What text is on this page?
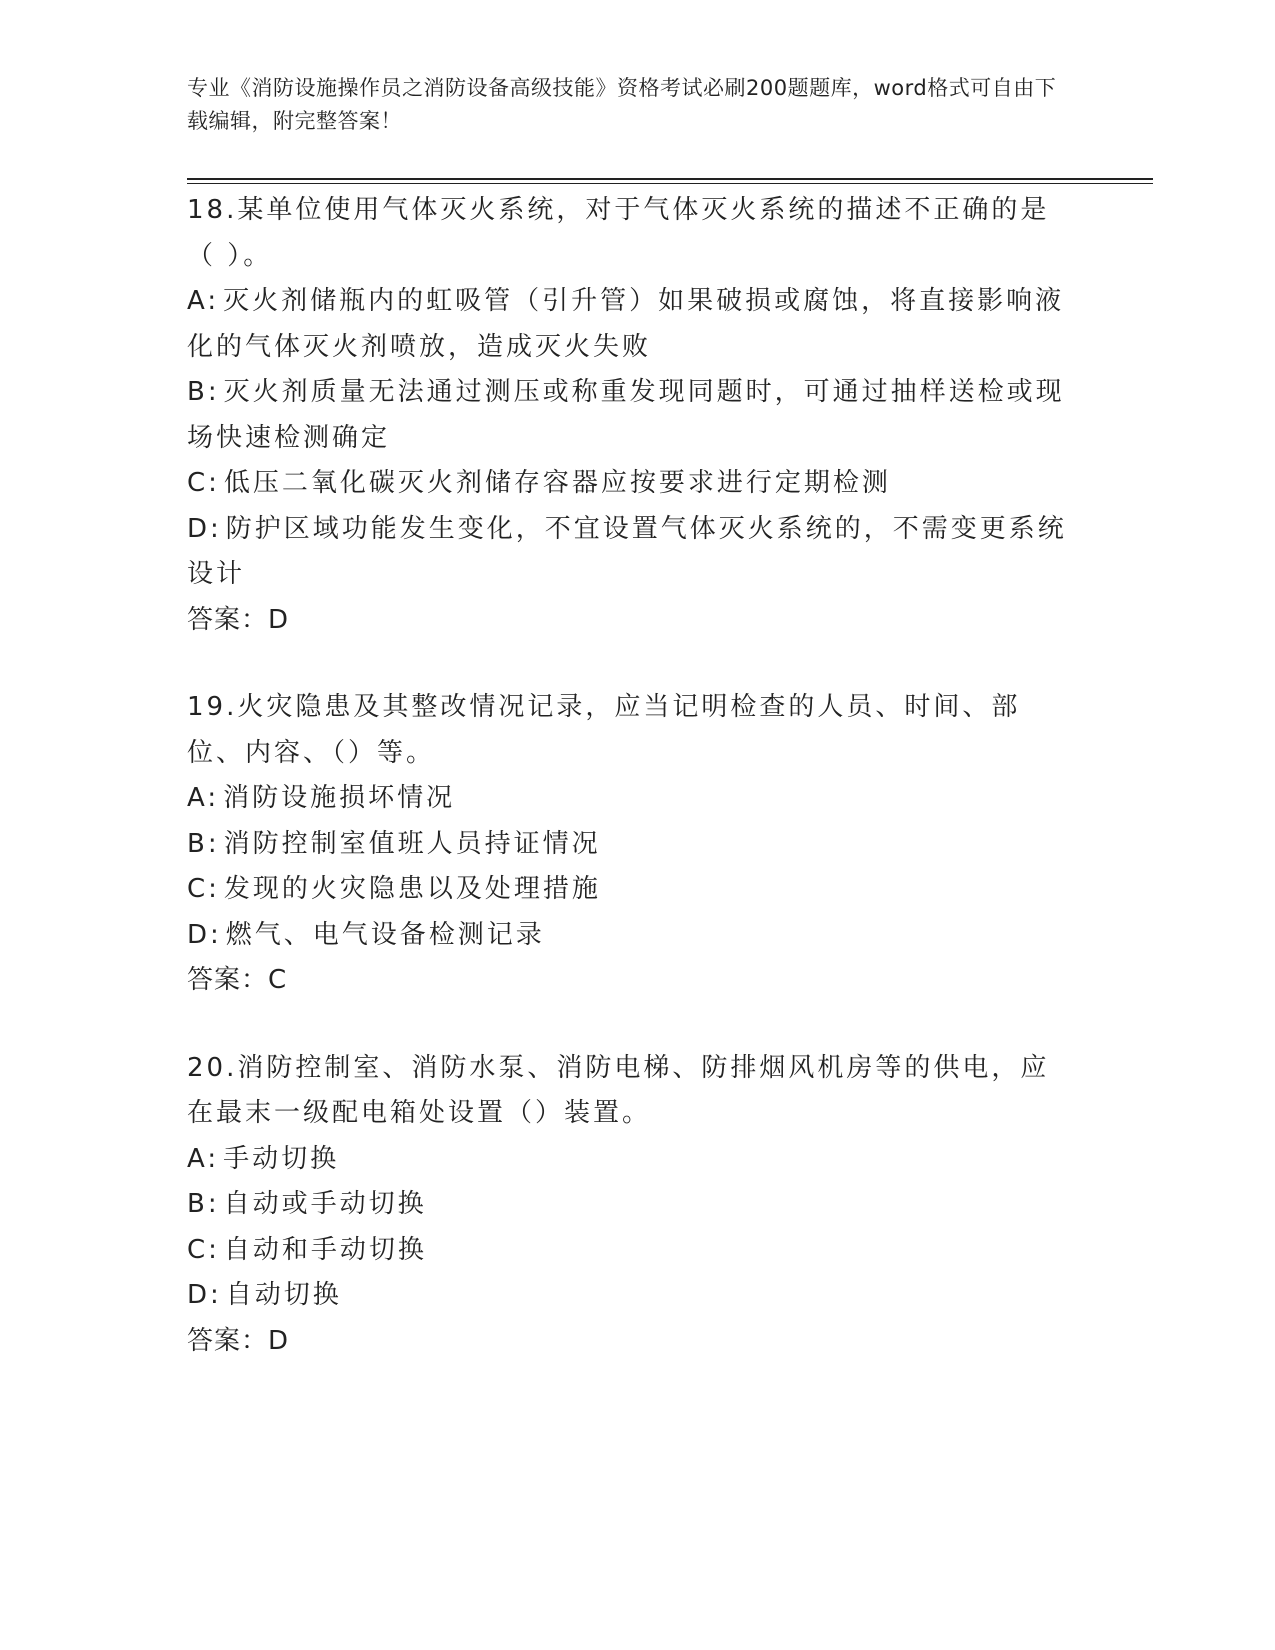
专业《消防设施操作员之消防设备高级技能》资格考试必刷200题题库，word格式可自由下载编辑，附完整答案！
18.某单位使用气体灭火系统，对于气体灭火系统的描述不正确的是（ ）。
A: 灭火剂储瓶内的虹吸管（引升管）如果破损或腐蚀，将直接影响液化的气体灭火剂喷放，造成灭火失败
B: 灭火剂质量无法通过测压或称重发现同题时，可通过抽样送检或现场快速检测确定
C: 低压二氧化碳灭火剂储存容器应按要求进行定期检测
D: 防护区域功能发生变化，不宜设置气体灭火系统的，不需变更系统设计
答案：D
19.火灾隐患及其整改情况记录，应当记明检查的人员、时间、部位、内容、（）等。
A: 消防设施损坏情况
B: 消防控制室值班人员持证情况
C: 发现的火灾隐患以及处理措施
D: 燃气、电气设备检测记录
答案：C
20.消防控制室、消防水泵、消防电梯、防排烟风机房等的供电，应在最末一级配电箱处设置（）装置。
A: 手动切换
B: 自动或手动切换
C: 自动和手动切换
D: 自动切换
答案：D
